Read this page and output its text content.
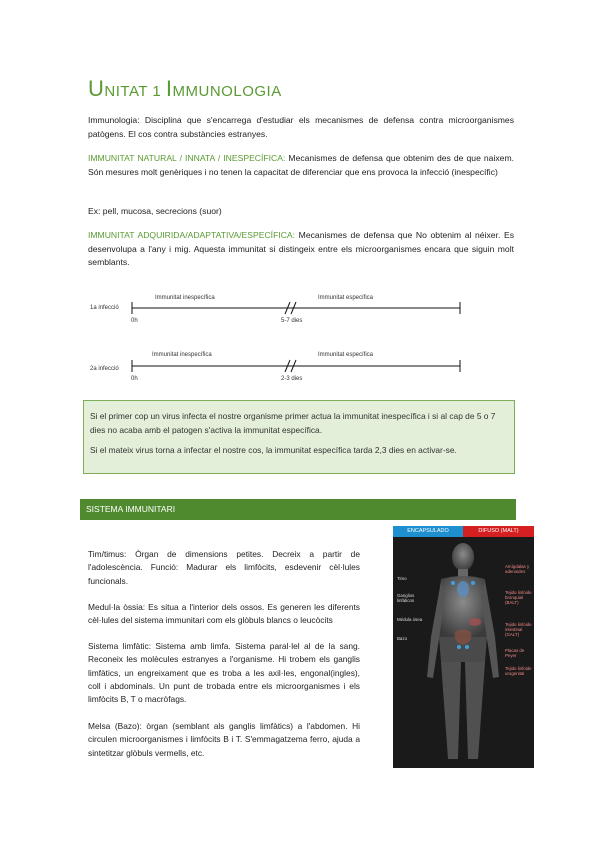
UNITAT 1 IMMUNOLOGIA
Immunologia: Disciplina que s'encarrega d'estudiar els mecanismes de defensa contra microorganismes patògens. El cos contra substàncies estranyes.
IMMUNITAT NATURAL / INNATA / INESPECÍFICA: Mecanismes de defensa que obtenim des de que naixem. Són mesures molt genèriques i no tenen la capacitat de diferenciar que ens provoca la infecció (inespecífic)
Ex: pell, mucosa, secrecions (suor)
IMMUNITAT ADQUIRIDA/ADAPTATIVA/ESPECÍFICA: Mecanismes de defensa que No obtenim al néixer. Es desenvolupa a l'any i mig. Aquesta immunitat si distingeix entre els microorganismes encara que siguin molt semblants.
1a infecció
Immunitat inespecífica	Immunitat específica
0h	5-7 dies
2a infecció
Immunitat inespecífica	Immunitat específica
0h	2-3 dies

Si el primer cop un virus infecta el nostre organisme primer actua la immunitat inespecífica i si al cap de 5 o 7 dies no acaba amb el patogen s'activa la immunitat específica.

Si el mateix virus torna a infectar el nostre cos, la immunitat específica tarda 2,3 dies en activar-se.

SISTEMA IMMUNITARI

Tim/timus: Òrgan de dimensions petites. Decreix a partir de l'adolescència. Funció: Madurar els limfòcits, esdevenir cèl·lules funcionals.

Medul·la òssia: Es situa a l'interior dels ossos. Es generen les diferents cèl·lules del sistema immunitari com els glòbuls blancs o leucòcits

Sistema limfàtic: Sistema amb limfa. Sistema paral·lel al de la sang. Reconeix les molècules estranyes a l'organisme. Hi trobem els ganglis limfàtics, un engreixament que es troba a les axil·les, engonal(ingles), coll i abdominals. Un punt de trobada entre els microorganismes i els limfòcits B, T o macròfags.

Melsa (Bazo): òrgan (semblant als ganglis limfàtics) a l'abdomen. Hi circulen microorganismes i limfòcits B i T. S'emmagatzema ferro, ajuda a sintetitzar glòbuls vermells, etc.

ENCAPSULADO	DIFUSO (MALT)
Timo
Ganglios linfáticos
Médula ósea
Bazo
Amígdalas y adenoides
Tejido linfoide bronquial (BALT)
Tejido linfoide intestinal (GALT)
Placas de Peyer
Tejido linfoide urogenital
